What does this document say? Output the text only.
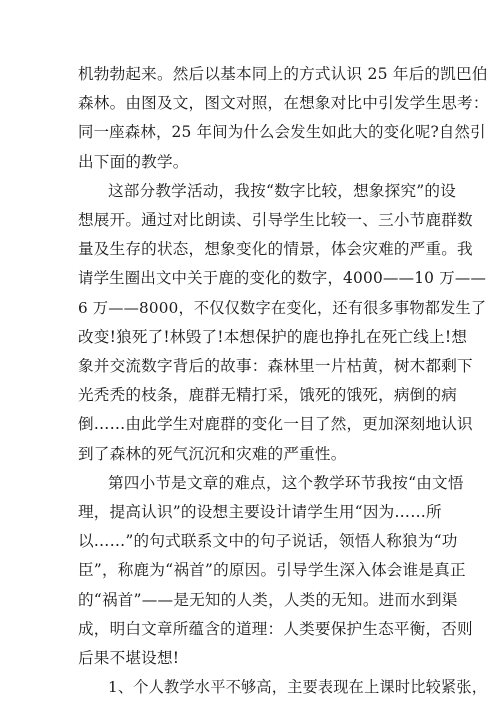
机勃勃起来。然后以基本同上的方式认识 25 年后的凯巴伯
森林。由图及文，图文对照，在想象对比中引发学生思考：
同一座森林，25 年间为什么会发生如此大的变化呢?自然引
出下面的教学。
这部分教学活动，我按“数字比较，想象探究”的设
想展开。通过对比朗读、引导学生比较一、三小节鹿群数
量及生存的状态，想象变化的情景，体会灾难的严重。我
请学生圈出文中关于鹿的变化的数字，4000——10 万——
6 万——8000，不仅仅数字在变化，还有很多事物都发生了
改变!狼死了!林毁了!本想保护的鹿也挣扎在死亡线上!想
象并交流数字背后的故事：森林里一片枯黄，树木都剩下
光秃秃的枝条，鹿群无精打采，饿死的饿死，病倒的病
倒……由此学生对鹿群的变化一目了然，更加深刻地认识
到了森林的死气沉沉和灾难的严重性。
第四小节是文章的难点，这个教学环节我按“由文悟
理，提高认识”的设想主要设计请学生用“因为……所
以……”的句式联系文中的句子说话，领悟人称狼为“功
臣”，称鹿为“祸首”的原因。引导学生深入体会谁是真正
的“祸首”——是无知的人类，人类的无知。进而水到渠
成，明白文章所蕴含的道理：人类要保护生态平衡，否则
后果不堪设想!
1、个人教学水平不够高，主要表现在上课时比较紧张，
